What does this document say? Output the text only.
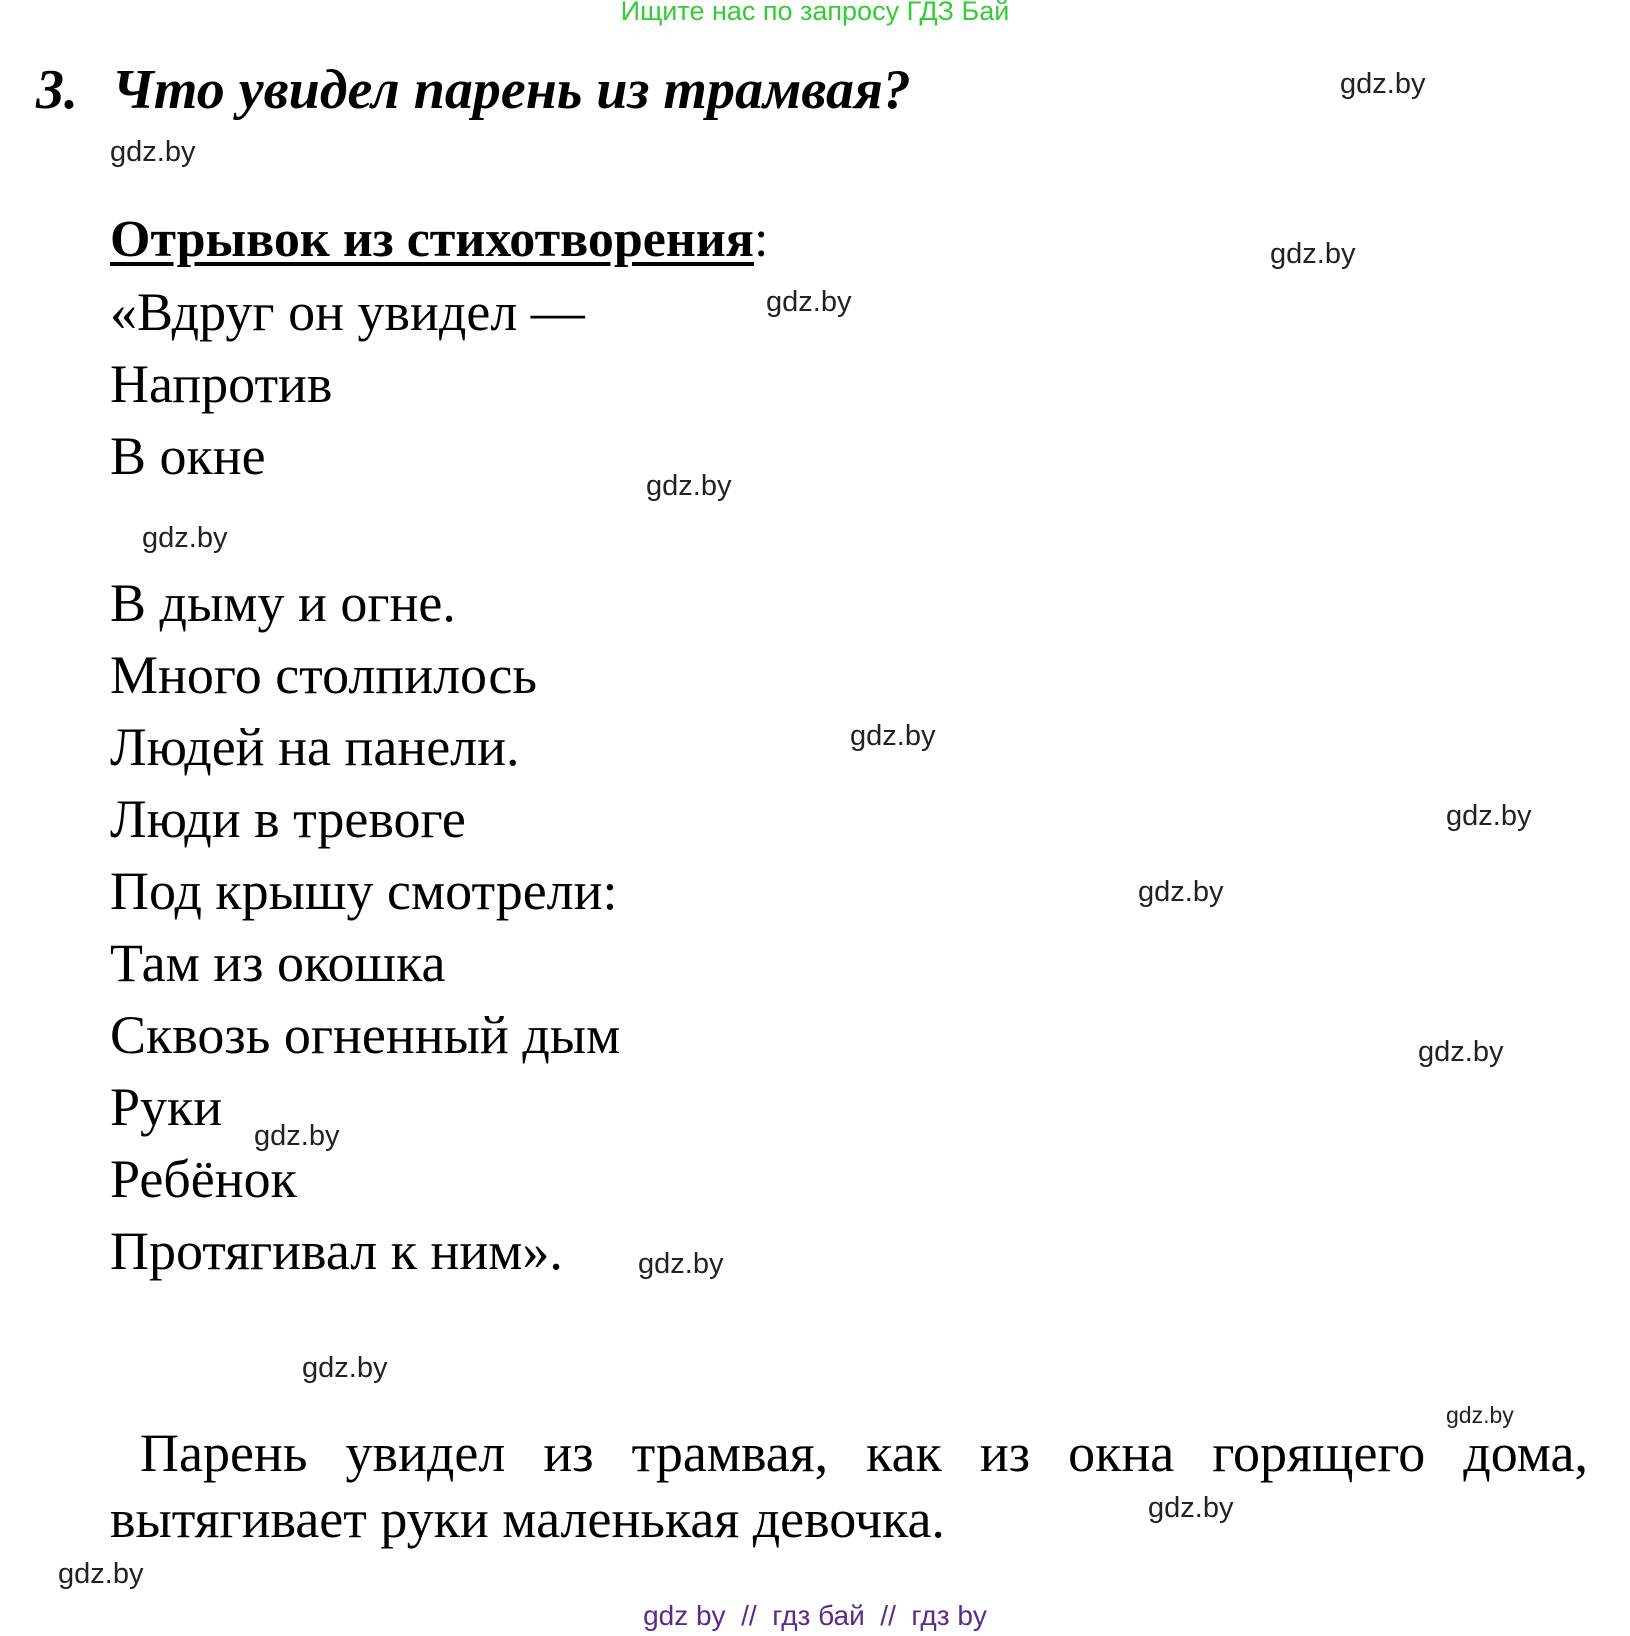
Ищите нас по запросу ГДЗ Бай
3. Что увидел парень из трамвая?
Отрывок из стихотворения:
«Вдруг он увидел —
Напротив
В окне
В дыму и огне.
Много столпилось
Людей на панели.
Люди в тревоге
Под крышу смотрели:
Там из окошка
Сквозь огненный дым
Руки
Ребёнок
Протягивал к ним».
Парень увидел из трамвая, как из окна горящего дома, вытягивает руки маленькая девочка.
gdz.by
gdz.by
gdz.by
gdz.by
gdz.by
gdz.by
gdz.by
gdz.by
gdz.by
gdz.by
gdz.by
gdz.by
gdz.by
gdz.by
gdz.by
gdz.by
gdz by  //  гдз бай  //  гдз by
